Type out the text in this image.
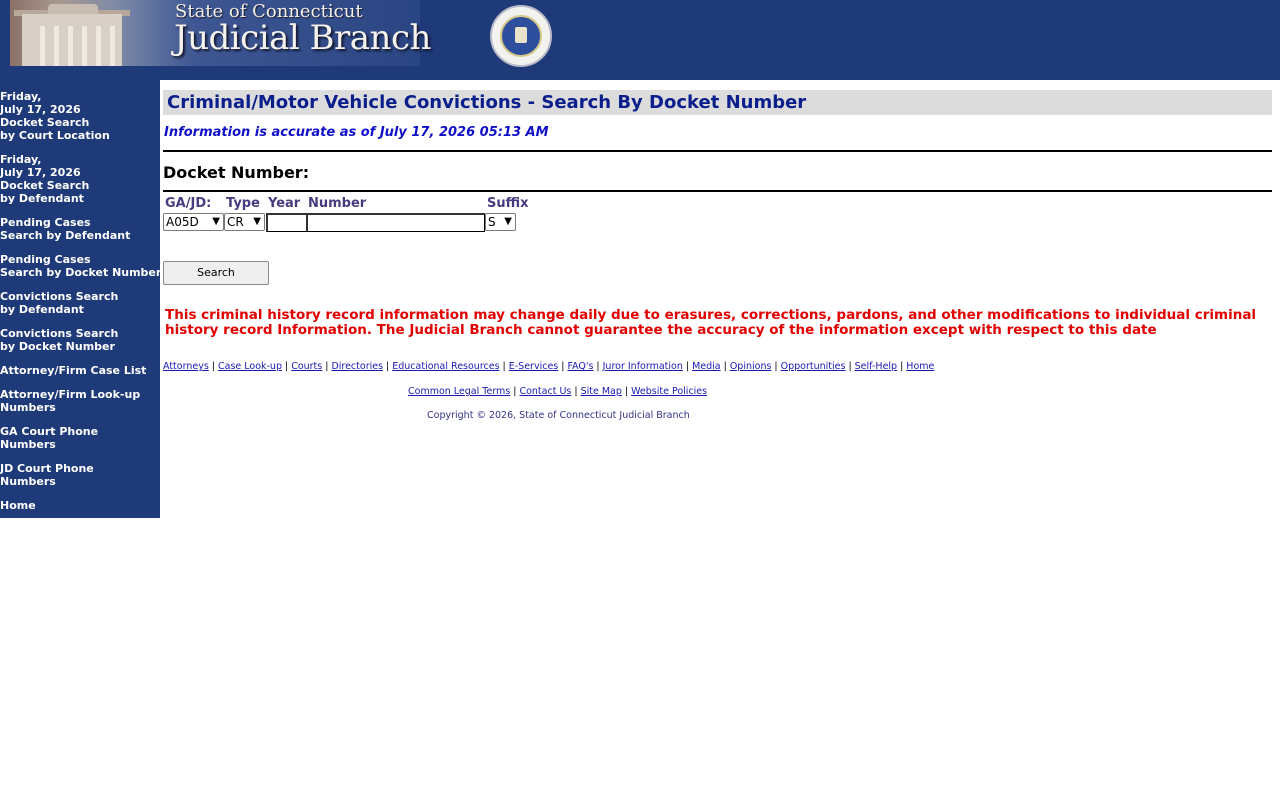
State of Connecticut
Judicial Branch
Friday,
July 17, 2026
Docket Search
by Court Location
Friday,
July 17, 2026
Docket Search
by Defendant
Pending Cases
Search by Defendant
Pending Cases
Search by Docket Number
Convictions Search
by Defendant
Convictions Search
by Docket Number
Attorney/Firm Case List
Attorney/Firm Look-up
Numbers
GA Court Phone
Numbers
JD Court Phone
Numbers
Home
Criminal/Motor Vehicle Convictions - Search By Docket Number
Information is accurate as of July 17, 2026 05:13 AM
Docket Number:
GA/JD: Type Year Number	Suffix
A05D ▼ CR ▼	S ▼
Search
This criminal history record information may change daily due to erasures, corrections, pardons, and other modifications to individual criminal history record Information. The Judicial Branch cannot guarantee the accuracy of the information except with respect to this date
Attorneys | Case Look-up | Courts | Directories | Educational Resources | E-Services | FAQ's | Juror Information | Media | Opinions | Opportunities | Self-Help | Home
Common Legal Terms | Contact Us | Site Map | Website Policies
Copyright © 2026, State of Connecticut Judicial Branch
